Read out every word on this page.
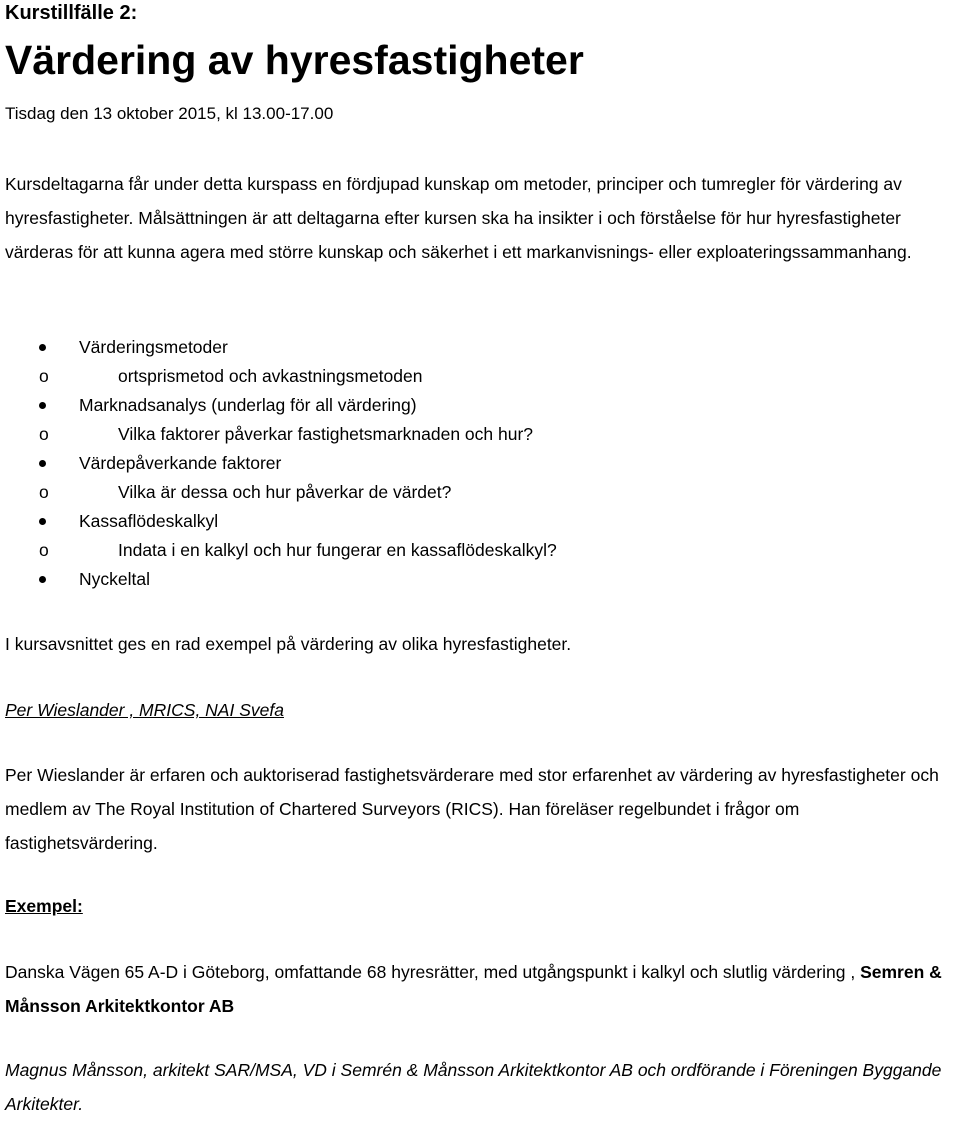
Kurstillfälle 2:
Värdering av hyresfastigheter

Tisdag den 13 oktober 2015, kl 13.00-17.00

Kursdeltagarna får under detta kurspass en fördjupad kunskap om metoder, principer och tumregler för värdering av hyresfastigheter. Målsättningen är att deltagarna efter kursen ska ha insikter i och förståelse för hur hyresfastigheter värderas för att kunna agera med större kunskap och säkerhet i ett markanvisnings- eller exploateringssammanhang.

Värderingsmetoder
o	ortsprismetod och avkastningsmetoden
Marknadsanalys (underlag för all värdering)
o	Vilka faktorer påverkar fastighetsmarknaden och hur?
Värdepåverkande faktorer
o	Vilka är dessa och hur påverkar de värdet?
Kassaflödeskalkyl
o	Indata i en kalkyl och hur fungerar en kassaflödeskalkyl?
Nyckeltal

I kursavsnittet ges en rad exempel på värdering av olika hyresfastigheter.

Per Wieslander , MRICS, NAI Svefa

Per Wieslander är erfaren och auktoriserad fastighetsvärderare med stor erfarenhet av värdering av hyresfastigheter och medlem av The Royal Institution of Chartered Surveyors (RICS). Han föreläser regelbundet i frågor om fastighetsvärdering.

Exempel:

Danska Vägen 65 A-D i Göteborg, omfattande 68 hyresrätter, med utgångspunkt i kalkyl och slutlig värdering , Semren & Månsson Arkitektkontor AB

Magnus Månsson, arkitekt SAR/MSA, VD i Semrén & Månsson Arkitektkontor AB och ordförande i Föreningen Byggande Arkitekter.
